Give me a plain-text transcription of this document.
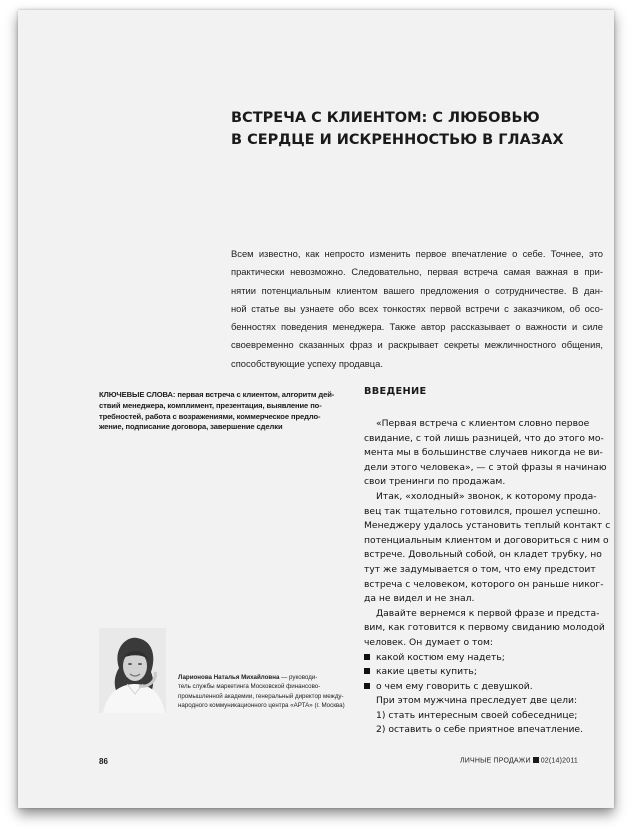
ВСТРЕЧА С КЛИЕНТОМ: С ЛЮБОВЬЮ
В СЕРДЦЕ И ИСКРЕННОСТЬЮ В ГЛАЗАХ
Всем известно, как непросто изменить первое впечатление о себе. Точнее, это
практически невозможно. Следовательно, первая встреча самая важная в при-
нятии потенциальным клиентом вашего предложения о сотрудничестве. В дан-
ной статье вы узнаете обо всех тонкостях первой встречи с заказчиком, об осо-
бенностях поведения менеджера. Также автор рассказывает о важности и силе
своевременно сказанных фраз и раскрывает секреты межличностного общения,
способствующие успеху продавца.
КЛЮЧЕВЫЕ СЛОВА: первая встреча с клиентом, алгоритм дей-
ствий менеджера, комплимент, презентация, выявление по-
требностей, работа с возражениями, коммерческое предло-
жение, подписание договора, завершение сделки
ВВЕДЕНИЕ
«Первая встреча с клиентом словно первое
свидание, с той лишь разницей, что до этого мо-
мента мы в большинстве случаев никогда не ви-
дели этого человека», — с этой фразы я начинаю
свои тренинги по продажам.
Итак, «холодный» звонок, к которому прода-
вец так тщательно готовился, прошел успешно.
Менеджеру удалось установить теплый контакт с
потенциальным клиентом и договориться с ним о
встрече. Довольный собой, он кладет трубку, но
тут же задумывается о том, что ему предстоит
встреча с человеком, которого он раньше никог-
да не видел и не знал.
Давайте вернемся к первой фразе и предста-
вим, как готовится к первому свиданию молодой
человек. Он думает о том:
какой костюм ему надеть;
какие цветы купить;
о чем ему говорить с девушкой.
При этом мужчина преследует две цели:
1) стать интересным своей собеседнице;
2) оставить о себе приятное впечатление.
Ларионова Наталья Михайловна — руководи-
тель службы маркетинга Московской финансово-
промышленной академии, генеральный директор между-
народного коммуникационного центра «АРТА» (г. Москва)
86	ЛИЧНЫЕ ПРОДАЖИ 02(14)2011
